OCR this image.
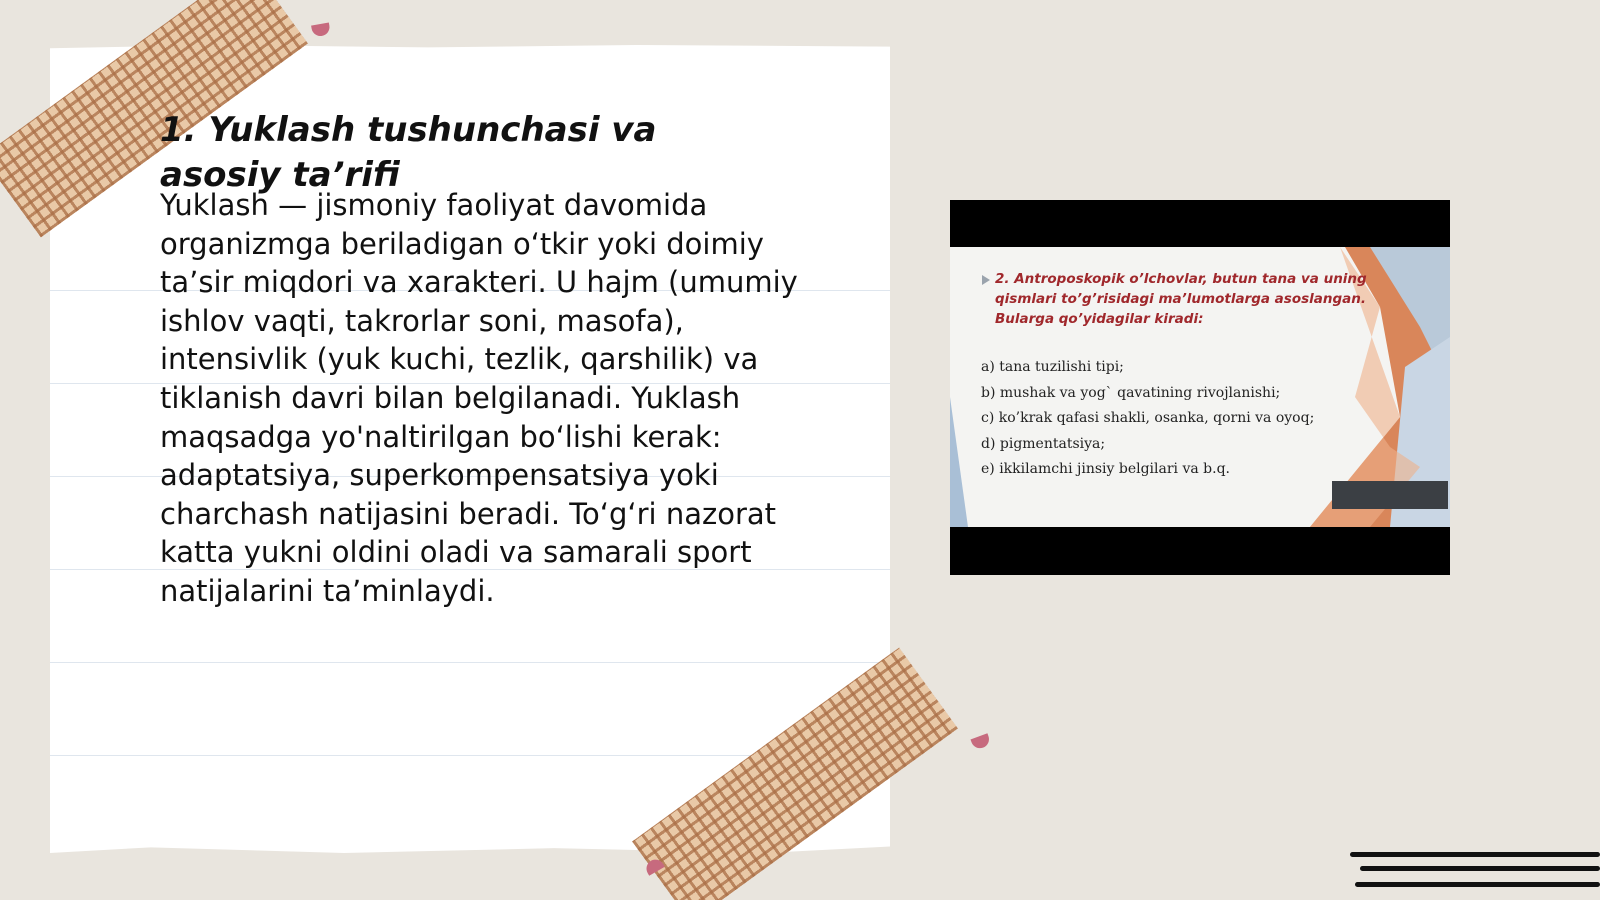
1. Yuklash tushunchasi va asosiy ta’rifi

Yuklash — jismoniy faoliyat davomida organizmga beriladigan o‘tkir yoki doimiy ta’sir miqdori va xarakteri. U hajm (umumiy ishlov vaqti, takrorlar soni, masofa), intensivlik (yuk kuchi, tezlik, qarshilik) va tiklanish davri bilan belgilanadi. Yuklash maqsadga yo'naltirilgan bo‘lishi kerak: adaptatsiya, superkompensatsiya yoki charchash natijasini beradi. To‘g‘ri nazorat katta yukni oldini oladi va samarali sport natijalarini ta’minlaydi.

2. Antroposkopik o’lchovlar, butun tana va uning qismlari to’g’risidagi ma’lumotlarga asoslangan. Bularga qo’yidagilar kiradi:
a) tana tuzilishi tipi;
b) mushak va yog` qavatining rivojlanishi;
c) ko’krak qafasi shakli, osanka, qorni va oyoq;
d) pigmentatsiya;
e) ikkilamchi jinsiy belgilari va b.q.
